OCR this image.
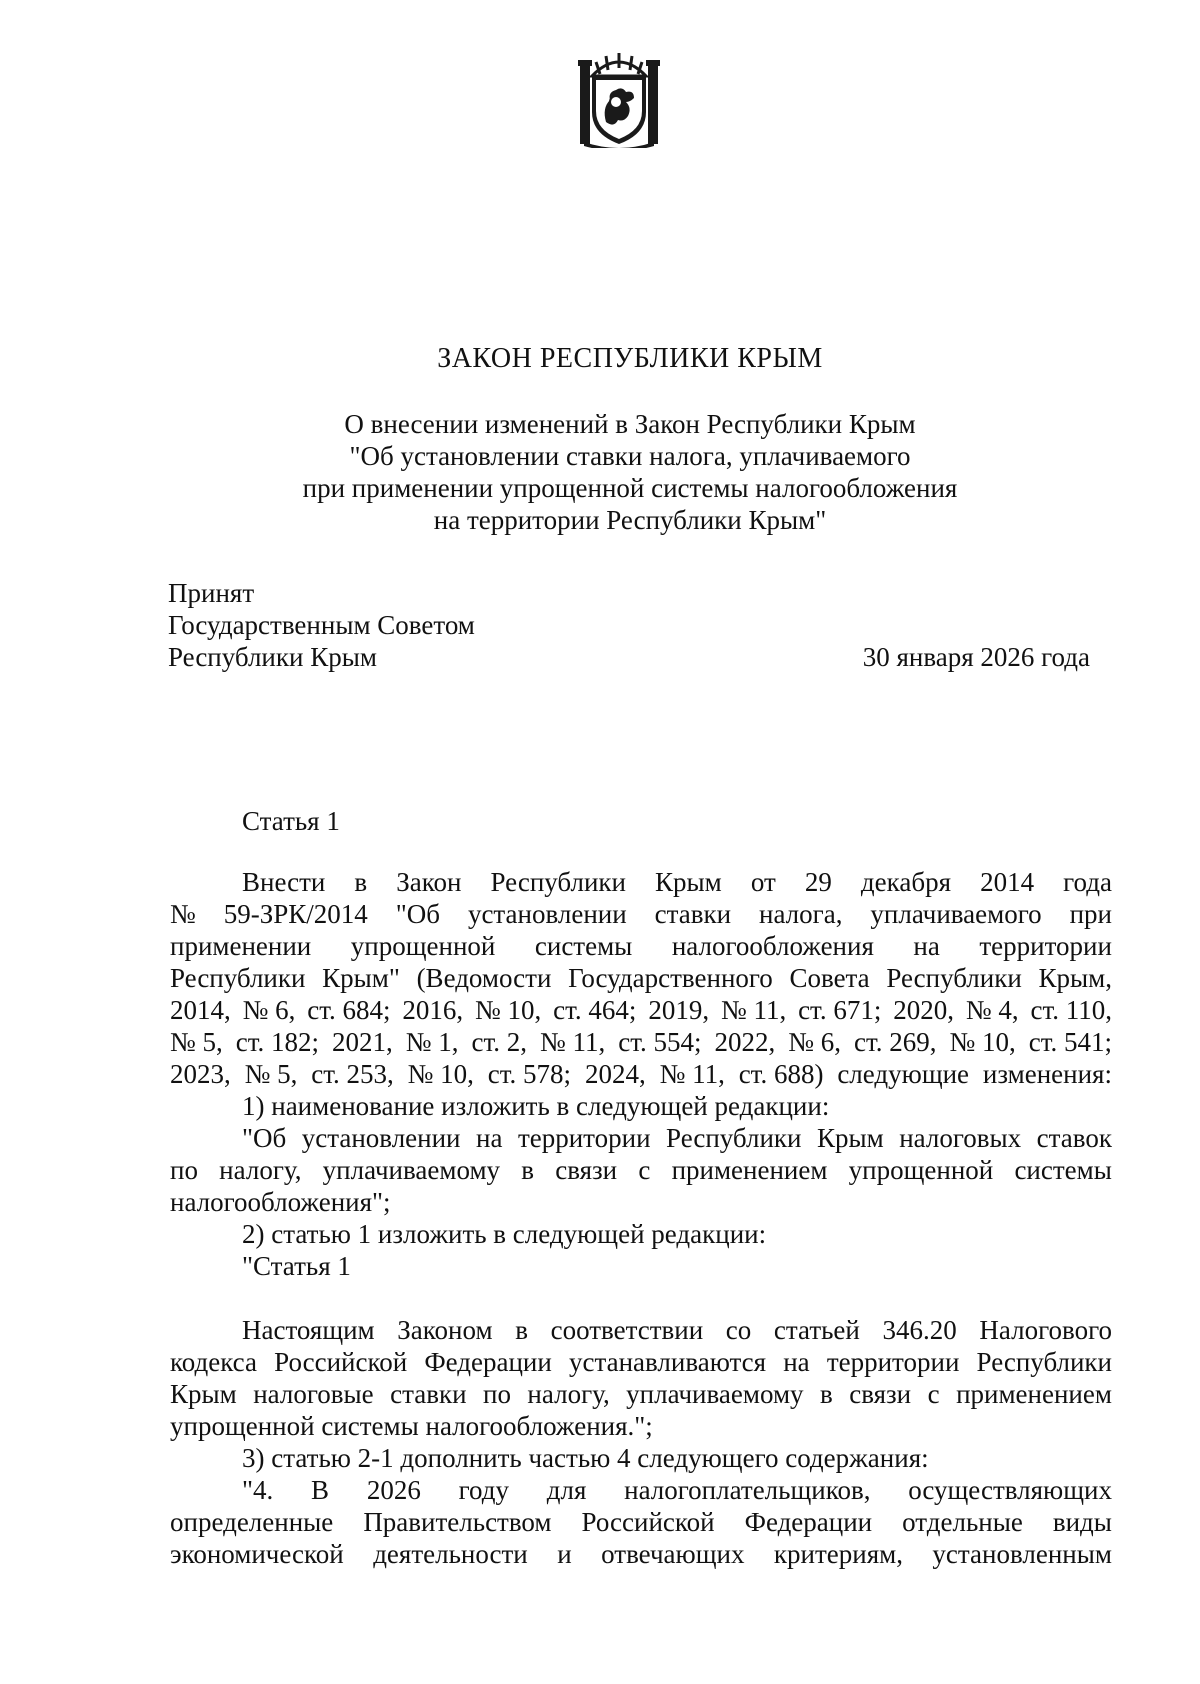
ЗАКОН РЕСПУБЛИКИ КРЫМ
О внесении изменений в Закон Республики Крым
"Об установлении ставки налога, уплачиваемого
при применении упрощенной системы налогообложения
на территории Республики Крым"
Принят
Государственным Советом
Республики Крым	30 января 2026 года
Статья 1
Внести в Закон Республики Крым от 29 декабря 2014 года
№ 59-ЗРК/2014 "Об установлении ставки налога, уплачиваемого при
применении упрощенной системы налогообложения на территории
Республики Крым" (Ведомости Государственного Совета Республики Крым,
2014, № 6, ст. 684; 2016, № 10, ст. 464; 2019, № 11, ст. 671; 2020, № 4, ст. 110,
№ 5, ст. 182; 2021, № 1, ст. 2, № 11, ст. 554; 2022, № 6, ст. 269, № 10, ст. 541;
2023, № 5, ст. 253, № 10, ст. 578; 2024, № 11, ст. 688) следующие изменения:
1) наименование изложить в следующей редакции:
"Об установлении на территории Республики Крым налоговых ставок
по налогу, уплачиваемому в связи с применением упрощенной системы
налогообложения";
2) статью 1 изложить в следующей редакции:
"Статья 1
Настоящим Законом в соответствии со статьей 346.20 Налогового
кодекса Российской Федерации устанавливаются на территории Республики
Крым налоговые ставки по налогу, уплачиваемому в связи с применением
упрощенной системы налогообложения.";
3) статью 2-1 дополнить частью 4 следующего содержания:
"4. В 2026 году для налогоплательщиков, осуществляющих
определенные Правительством Российской Федерации отдельные виды
экономической деятельности и отвечающих критериям, установленным
